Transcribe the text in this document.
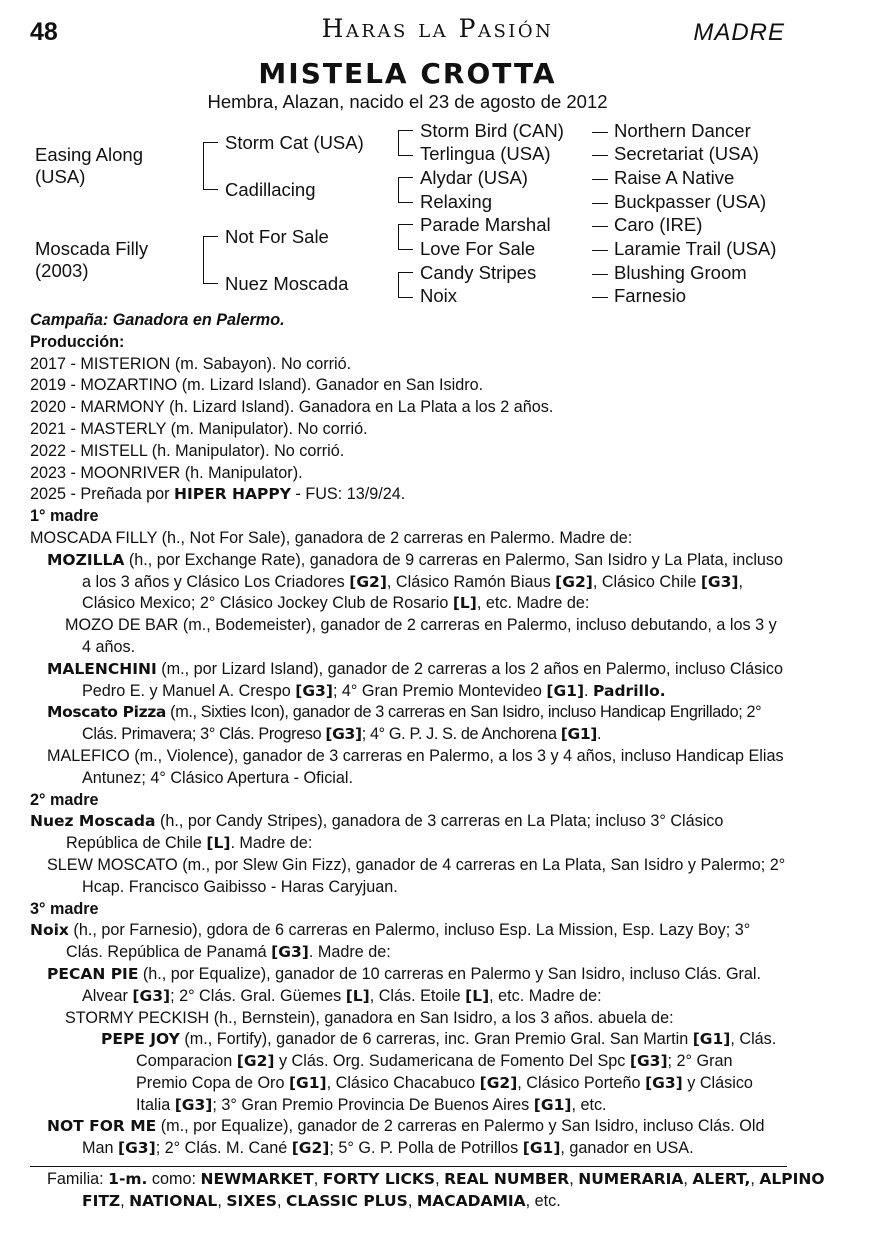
48	Haras la Pasión	MADRE
MISTELA CROTTA
Hembra, Alazan, nacido el 23 de agosto de 2012
Easing Along (USA)
Moscada Filly (2003)
Storm Cat (USA)
Cadillacing
Not For Sale
Nuez Moscada
Storm Bird (CAN)
Terlingua (USA)
Alydar (USA)
Relaxing
Parade Marshal
Love For Sale
Candy Stripes
Noix
Northern Dancer
Secretariat (USA)
Raise A Native
Buckpasser (USA)
Caro (IRE)
Laramie Trail (USA)
Blushing Groom
Farnesio

Campaña: Ganadora en Palermo.

Producción:

2017 - MISTERION (m. Sabayon). No corrió.

2019 - MOZARTINO (m. Lizard Island). Ganador en San Isidro.

2020 - MARMONY (h. Lizard Island). Ganadora en La Plata a los 2 años.

2021 - MASTERLY (m. Manipulator). No corrió.

2022 - MISTELL (h. Manipulator). No corrió.

2023 - MOONRIVER (h. Manipulator).

2025 - Preñada por HIPER HAPPY - FUS: 13/9/24.

1° madre

MOSCADA FILLY (h., Not For Sale), ganadora de 2 carreras en Palermo. Madre de:

MOZILLA (h., por Exchange Rate), ganadora de 9 carreras en Palermo, San Isidro y La Plata, incluso a los 3 años y Clásico Los Criadores [G2], Clásico Ramón Biaus [G2], Clásico Chile [G3], Clásico Mexico; 2° Clásico Jockey Club de Rosario [L], etc. Madre de:

MOZO DE BAR (m., Bodemeister), ganador de 2 carreras en Palermo, incluso debutando, a los 3 y 4 años.

MALENCHINI (m., por Lizard Island), ganador de 2 carreras a los 2 años en Palermo, incluso Clásico Pedro E. y Manuel A. Crespo [G3]; 4° Gran Premio Montevideo [G1]. Padrillo.

Moscato Pizza (m., Sixties Icon), ganador de 3 carreras en San Isidro, incluso Handicap Engrillado; 2° Clás. Primavera; 3° Clás. Progreso [G3]; 4° G. P. J. S. de Anchorena [G1].

MALEFICO (m., Violence), ganador de 3 carreras en Palermo, a los 3 y 4 años, incluso Handicap Elias Antunez; 4° Clásico Apertura - Oficial.

2° madre

Nuez Moscada (h., por Candy Stripes), ganadora de 3 carreras en La Plata; incluso 3° Clásico República de Chile [L]. Madre de:

SLEW MOSCATO (m., por Slew Gin Fizz), ganador de 4 carreras en La Plata, San Isidro y Palermo; 2° Hcap. Francisco Gaibisso - Haras Caryjuan.

3° madre

Noix (h., por Farnesio), gdora de 6 carreras en Palermo, incluso Esp. La Mission, Esp. Lazy Boy; 3° Clás. República de Panamá [G3]. Madre de:

PECAN PIE (h., por Equalize), ganador de 10 carreras en Palermo y San Isidro, incluso Clás. Gral. Alvear [G3]; 2° Clás. Gral. Güemes [L], Clás. Etoile [L], etc. Madre de:

STORMY PECKISH (h., Bernstein), ganadora en San Isidro, a los 3 años. abuela de:

PEPE JOY (m., Fortify), ganador de 6 carreras, inc. Gran Premio Gral. San Martin [G1], Clás. Comparacion [G2] y Clás. Org. Sudamericana de Fomento Del Spc [G3]; 2° Gran Premio Copa de Oro [G1], Clásico Chacabuco [G2], Clásico Porteño [G3] y Clásico Italia [G3]; 3° Gran Premio Provincia De Buenos Aires [G1], etc.

NOT FOR ME (m., por Equalize), ganador de 2 carreras en Palermo y San Isidro, incluso Clás. Old Man [G3]; 2° Clás. M. Cané [G2]; 5° G. P. Polla de Potrillos [G1], ganador en USA.

Familia: 1-m. como: NEWMARKET, FORTY LICKS, REAL NUMBER, NUMERARIA, ALERT,, ALPINO FITZ, NATIONAL, SIXES, CLASSIC PLUS, MACADAMIA, etc.
